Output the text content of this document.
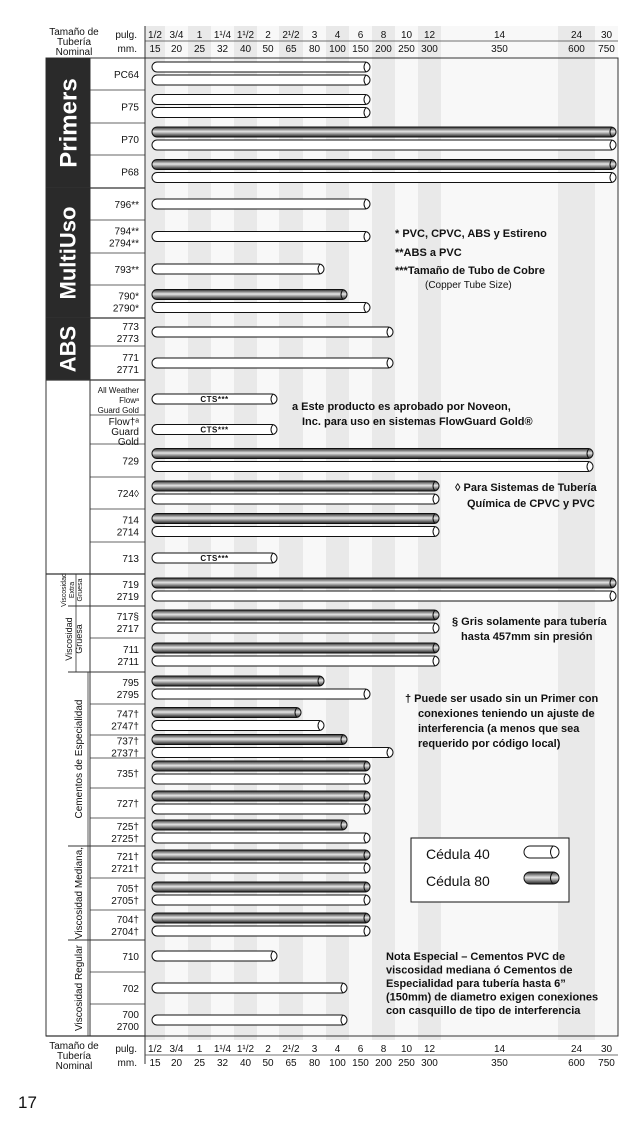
Tamaño de
Tubería
Nominal
pulg.
mm.
1/2
15
3/4
20
1
25
1¹/4
32
1¹/2
40
2
50
2¹/2
65
3
80
4
100
6
150
8
200
10
250
12
300
14
350
24
600
30
750
Tamaño de
Tubería
Nominal
pulg.
mm.
1/2
15
3/4
20
1
25
1¹/4
32
1¹/2
40
2
50
2¹/2
65
3
80
4
100
6
150
8
200
10
250
12
300
14
350
24
600
30
750
Primers
MultiUso
ABS
CPVC
PVC
Viscosidad Extra Gruesa
Viscosidad Gruesa
Cementos de Especialidad
Viscosidad Mediana,
Viscosidad Regular
PC64
P75
P70
P68
796**
794**
2794**
793**
790*
2790*
773
2773
771
2771
All Weather
Flowᵃ
Guard Gold
Flow†ᵃ
Guard
Gold
729
724◊
714
2714
713
719
2719
717§
2717
711
2711
795
2795
747†
2747†
737†
2737†
735†
727†
725†
2725†
721†
2721†
705†
2705†
704†
2704†
710
702
700
2700
CTS***
CTS***
CTS***
* PVC, CPVC, ABS y Estireno
**ABS a PVC
***Tamaño de Tubo de Cobre
(Copper Tube Size)
a Este producto es aprobado por Noveon,
Inc. para uso en sistemas FlowGuard Gold®
◊ Para Sistemas de Tubería
Química de CPVC y PVC
§ Gris solamente para tubería
hasta 457mm sin presión
† Puede ser usado sin un Primer con
conexiones teniendo un ajuste de
interferencia (a menos que sea
requerido por código local)
Nota Especial – Cementos PVC de
viscosidad mediana ó Cementos de
Especialidad para tubería hasta 6”
(150mm) de diametro exigen conexiones
con casquillo de tipo de interferencia
Cédula 40
Cédula 80
17
